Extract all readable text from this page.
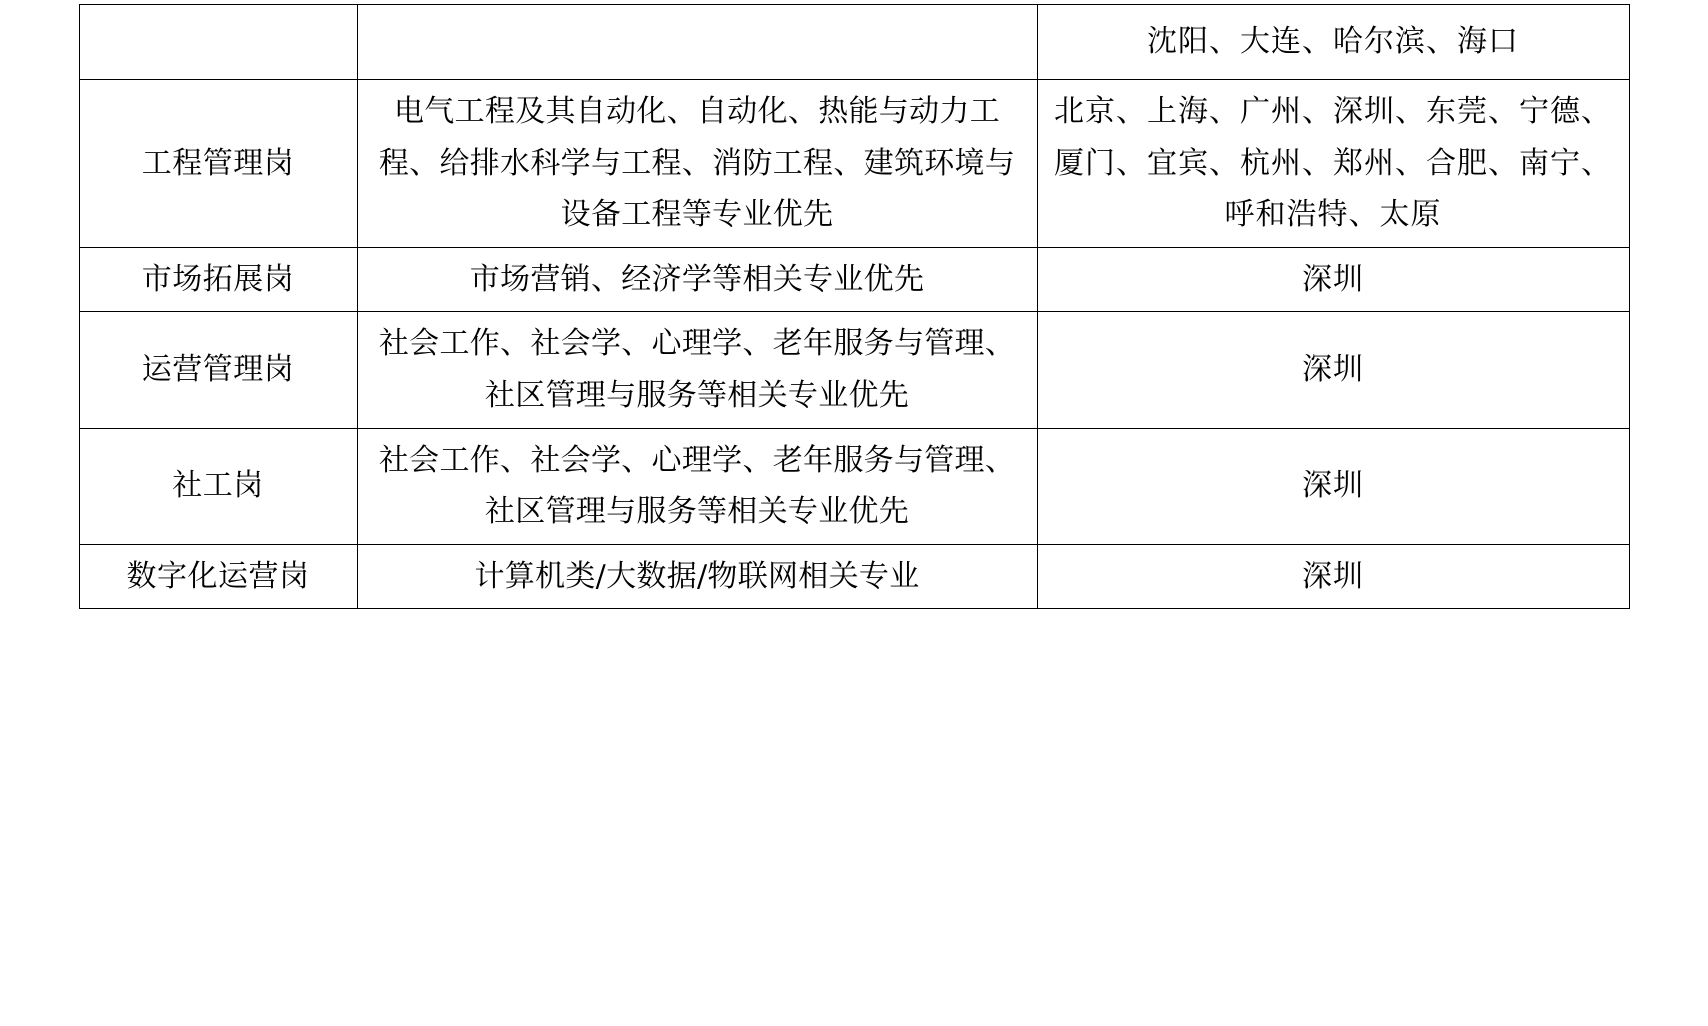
		沈阳、大连、哈尔滨、海口
工程管理岗	电气工程及其自动化、自动化、热能与动力工程、给排水科学与工程、消防工程、建筑环境与设备工程等专业优先	北京、上海、广州、深圳、东莞、宁德、厦门、宜宾、杭州、郑州、合肥、南宁、呼和浩特、太原
市场拓展岗	市场营销、经济学等相关专业优先	深圳
运营管理岗	社会工作、社会学、心理学、老年服务与管理、社区管理与服务等相关专业优先	深圳
社工岗	社会工作、社会学、心理学、老年服务与管理、社区管理与服务等相关专业优先	深圳
数字化运营岗	计算机类/大数据/物联网相关专业	深圳
